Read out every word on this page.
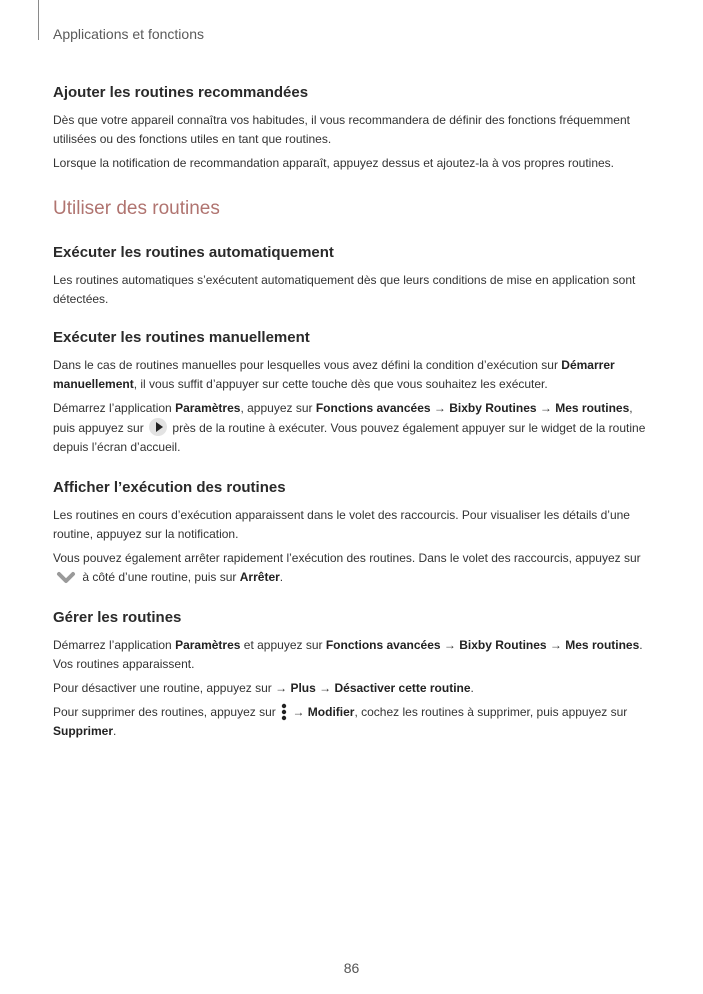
Applications et fonctions
Ajouter les routines recommandées

Dès que votre appareil connaîtra vos habitudes, il vous recommandera de définir des fonctions fréquemment utilisées ou des fonctions utiles en tant que routines.

Lorsque la notification de recommandation apparaît, appuyez dessus et ajoutez-la à vos propres routines.

Utiliser des routines
Exécuter les routines automatiquement

Les routines automatiques s’exécutent automatiquement dès que leurs conditions de mise en application sont détectées.

Exécuter les routines manuellement

Dans le cas de routines manuelles pour lesquelles vous avez défini la condition d’exécution sur Démarrer manuellement, il vous suffit d’appuyer sur cette touche dès que vous souhaitez les exécuter.

Démarrez l’application Paramètres, appuyez sur Fonctions avancées → Bixby Routines → Mes routines, puis appuyez sur  près de la routine à exécuter. Vous pouvez également appuyer sur le widget de la routine depuis l’écran d’accueil.

Afficher l’exécution des routines

Les routines en cours d’exécution apparaissent dans le volet des raccourcis. Pour visualiser les détails d’une routine, appuyez sur la notification.

Vous pouvez également arrêter rapidement l’exécution des routines. Dans le volet des raccourcis, appuyez sur  à côté d’une routine, puis sur Arrêter.

Gérer les routines

Démarrez l’application Paramètres et appuyez sur Fonctions avancées → Bixby Routines → Mes routines.

Vos routines apparaissent.

Pour désactiver une routine, appuyez sur → Plus → Désactiver cette routine.

Pour supprimer des routines, appuyez sur  → Modifier, cochez les routines à supprimer, puis appuyez sur Supprimer.

86
